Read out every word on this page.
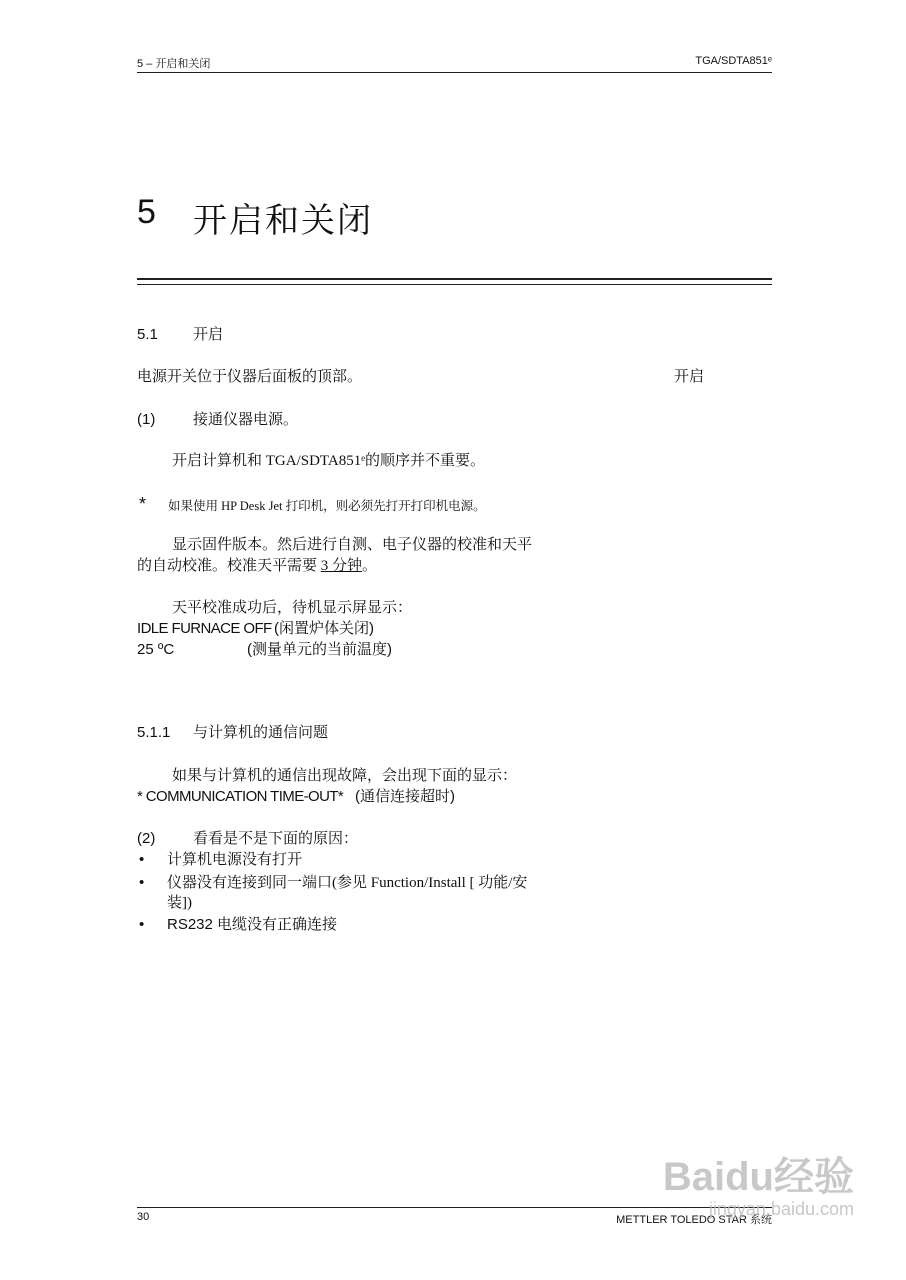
5 – 开启和关闭	TGA/SDTA851ᵉ
5 开启和关闭
5.1 开启
电源开关位于仪器后面板的顶部。	开启
(1)	接通仪器电源。
开启计算机和 TGA/SDTA851ᵉ的顺序并不重要。
* 如果使用 HP Desk Jet 打印机，则必须先打开打印机电源。
显示固件版本。然后进行自测、电子仪器的校准和天平
的自动校准。校准天平需要 3 分钟。
天平校准成功后，待机显示屏显示：
IDLE FURNACE OFF (闲置炉体关闭)
25 ºC	(测量单元的当前温度)
5.1.1 与计算机的通信问题
如果与计算机的通信出现故障，会出现下面的显示：
* COMMUNICATION TIME-OUT* (通信连接超时)
(2)	看看是不是下面的原因：
• 计算机电源没有打开
• 仪器没有连接到同一端口(参见 Function/Install [ 功能/安
装])
• RS232 电缆没有正确连接
30	METTLER TOLEDO STAR 系统
Baidu经验
jingyan.baidu.com
